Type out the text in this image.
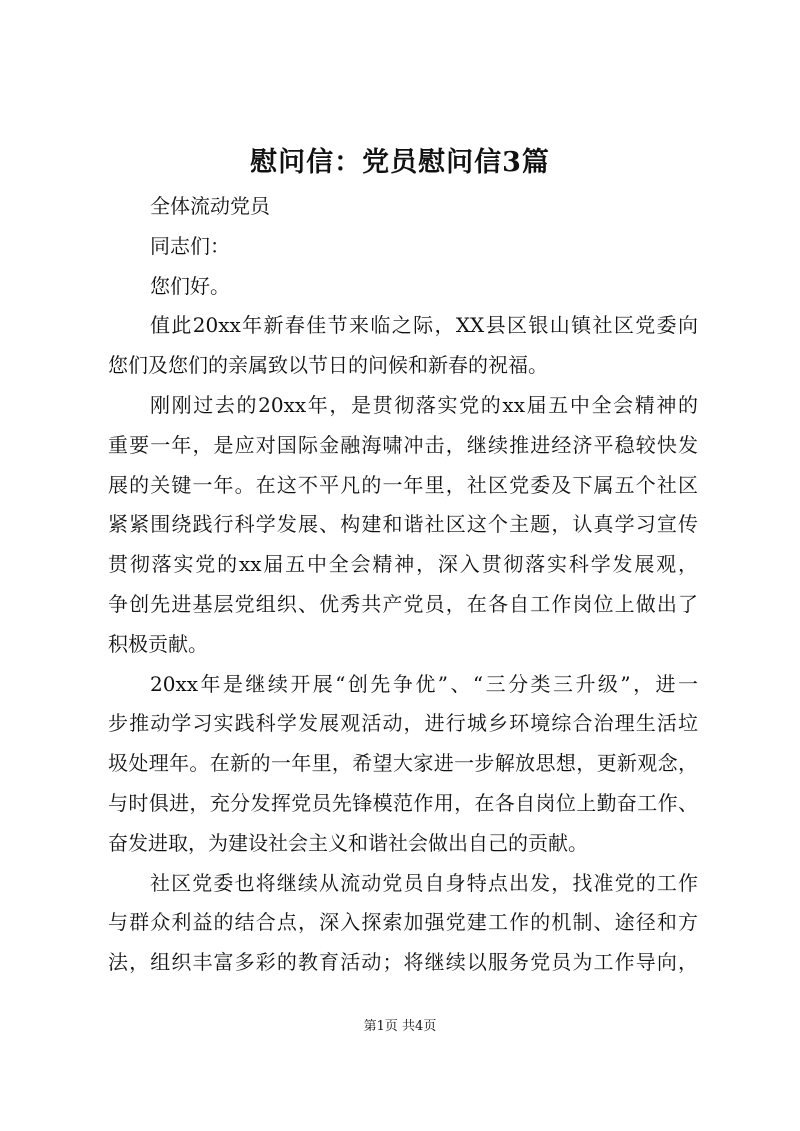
慰问信：党员慰问信3篇
全体流动党员
同志们：
您们好。
值此20xx年新春佳节来临之际，XX县区银山镇社区党委向
您们及您们的亲属致以节日的问候和新春的祝福。
刚刚过去的20xx年，是贯彻落实党的xx届五中全会精神的
重要一年，是应对国际金融海啸冲击，继续推进经济平稳较快发
展的关键一年。在这不平凡的一年里，社区党委及下属五个社区
紧紧围绕践行科学发展、构建和谐社区这个主题，认真学习宣传
贯彻落实党的xx届五中全会精神，深入贯彻落实科学发展观，
争创先进基层党组织、优秀共产党员，在各自工作岗位上做出了
积极贡献。
20xx年是继续开展“创先争优”、“三分类三升级”，进一
步推动学习实践科学发展观活动，进行城乡环境综合治理生活垃
圾处理年。在新的一年里，希望大家进一步解放思想，更新观念，
与时俱进，充分发挥党员先锋模范作用，在各自岗位上勤奋工作、
奋发进取，为建设社会主义和谐社会做出自己的贡献。
社区党委也将继续从流动党员自身特点出发，找准党的工作
与群众利益的结合点，深入探索加强党建工作的机制、途径和方
法，组织丰富多彩的教育活动；将继续以服务党员为工作导向，
第1页 共4页
